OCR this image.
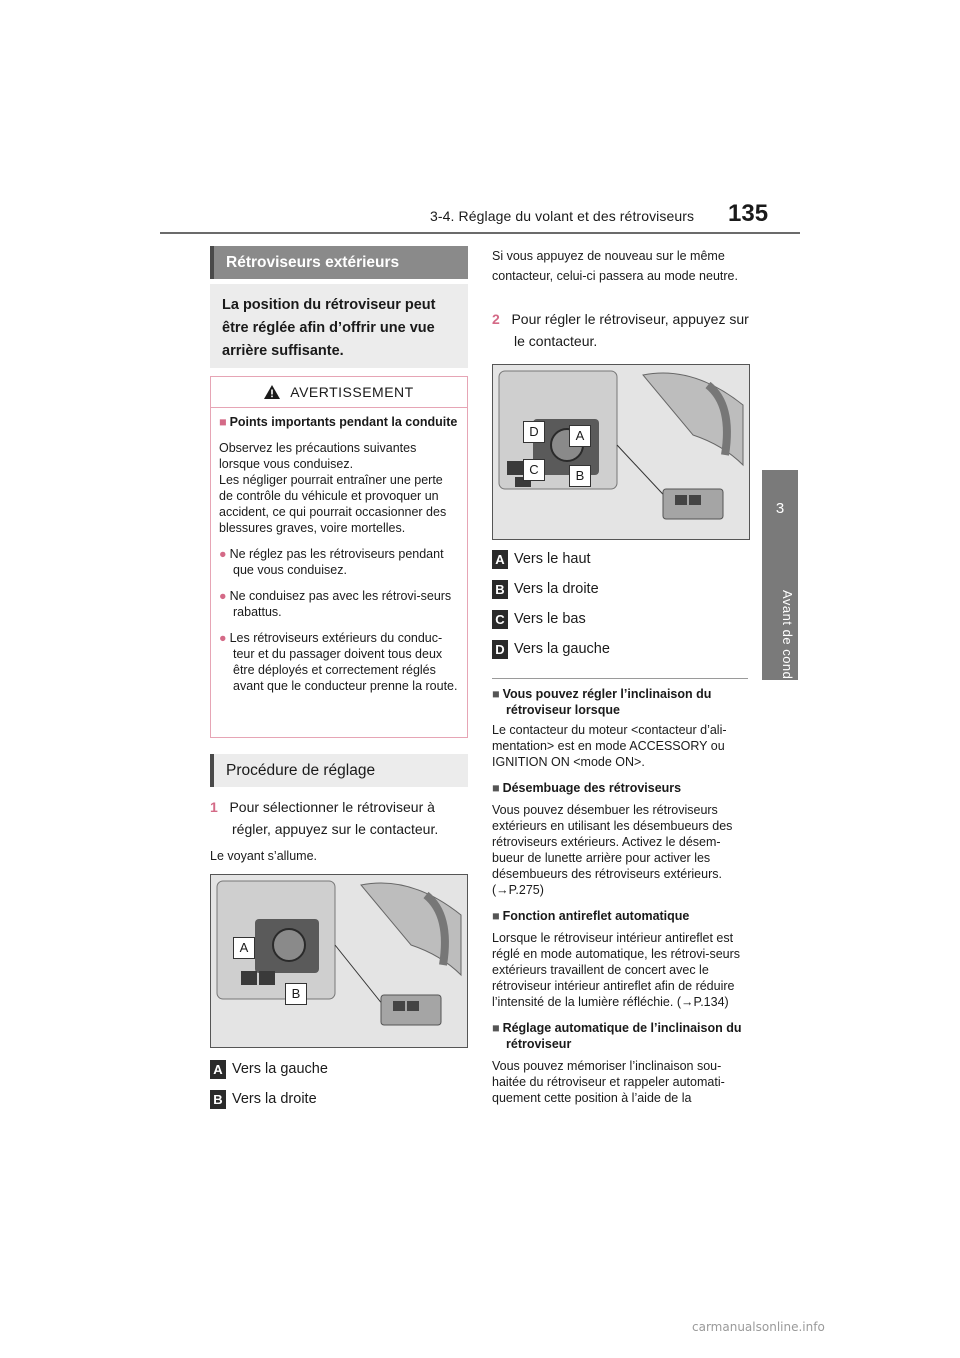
3-4. Réglage du volant et des rétroviseurs 135
3
Avant de conduire
Rétroviseurs extérieurs
La position du rétroviseur peut être réglée afin d’offrir une vue arrière suffisante.
AVERTISSEMENT
■ Points importants pendant la conduite
Observez les précautions suivantes lorsque vous conduisez.
Les négliger pourrait entraîner une perte de contrôle du véhicule et provoquer un accident, ce qui pourrait occasionner des blessures graves, voire mortelles.
● Ne réglez pas les rétroviseurs pendant que vous conduisez.
● Ne conduisez pas avec les rétrovi-seurs rabattus.
● Les rétroviseurs extérieurs du conduc-teur et du passager doivent tous deux être déployés et correctement réglés avant que le conducteur prenne la route.
Procédure de réglage
1 Pour sélectionner le rétroviseur à régler, appuyez sur le contacteur.
Le voyant s’allume.
A
B
A Vers la gauche
B Vers la droite
Si vous appuyez de nouveau sur le même contacteur, celui-ci passera au mode neutre.
2 Pour régler le rétroviseur, appuyez sur le contacteur.
D	A
C	B
A Vers le haut
B Vers la droite
C Vers le bas
D Vers la gauche
■ Vous pouvez régler l’inclinaison du rétroviseur lorsque
Le contacteur du moteur <contacteur d’ali-mentation> est en mode ACCESSORY ou IGNITION ON <mode ON>.
■ Désembuage des rétroviseurs
Vous pouvez désembuer les rétroviseurs extérieurs en utilisant les désembueurs des rétroviseurs extérieurs. Activez le désem-bueur de lunette arrière pour activer les désembueurs des rétroviseurs extérieurs. (→P.275)
■ Fonction antireflet automatique
Lorsque le rétroviseur intérieur antireflet est réglé en mode automatique, les rétrovi-seurs extérieurs travaillent de concert avec le rétroviseur intérieur antireflet afin de réduire l’intensité de la lumière réfléchie. (→P.134)
■ Réglage automatique de l’inclinaison du rétroviseur
Vous pouvez mémoriser l’inclinaison sou-haitée du rétroviseur et rappeler automati-quement cette position à l’aide de la
carmanualsonline.info
